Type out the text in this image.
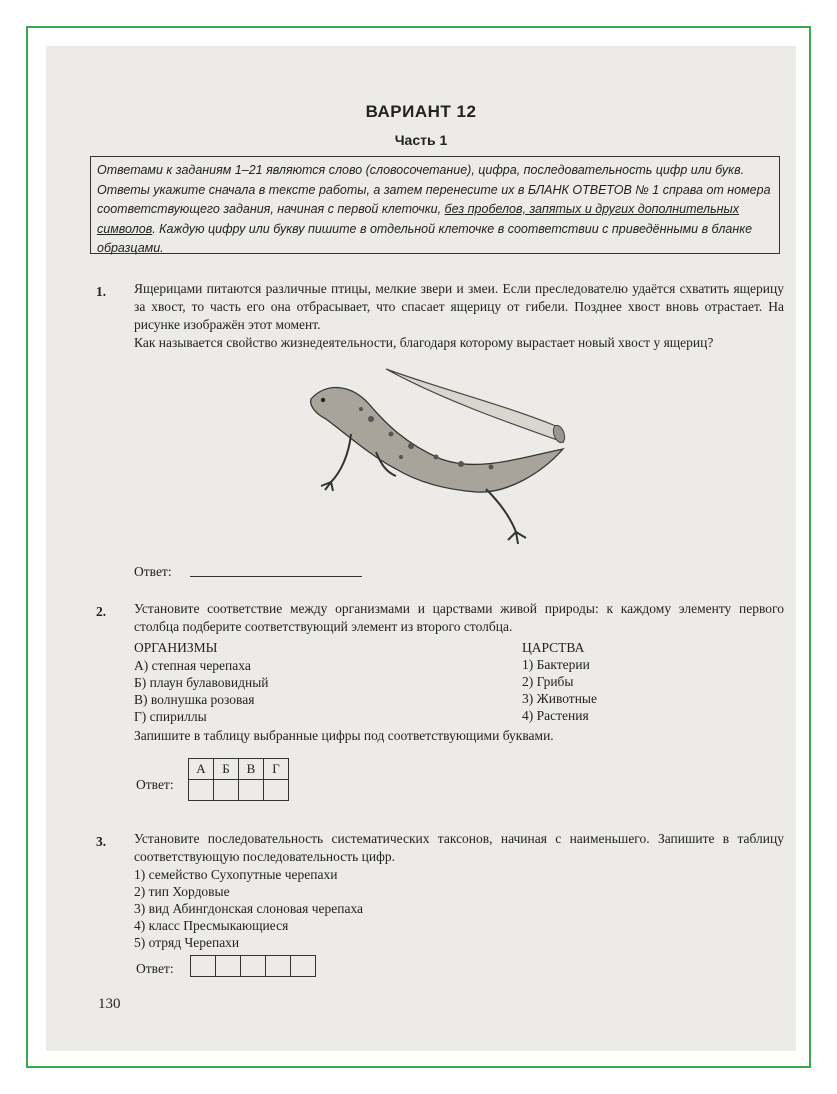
ВАРИАНТ 12
Часть 1
Ответами к заданиям 1–21 являются слово (словосочетание), цифра, последовательность цифр или букв. Ответы укажите сначала в тексте работы, а затем перенесите их в БЛАНК ОТВЕТОВ № 1 справа от номера соответствующего задания, начиная с первой клеточки, без пробелов, запятых и других дополнительных символов. Каждую цифру или букву пишите в отдельной клеточке в соответствии с приведёнными в бланке образцами.
1. Ящерицами питаются различные птицы, мелкие звери и змеи. Если преследователю удаётся схватить ящерицу за хвост, то часть его она отбрасывает, что спасает ящерицу от гибели. Позднее хвост вновь отрастает. На рисунке изображён этот момент.
Как называется свойство жизнедеятельности, благодаря которому вырастает новый хвост у ящериц?
Ответ:
2. Установите соответствие между организмами и царствами живой природы: к каждому элементу первого столбца подберите соответствующий элемент из второго столбца.
ОРГАНИЗМЫ
А) степная черепаха
Б) плаун булавовидный
В) волнушка розовая
Г) спириллы
ЦАРСТВА
1) Бактерии
2) Грибы
3) Животные
4) Растения
Запишите в таблицу выбранные цифры под соответствующими буквами.
Ответ:
А	Б	В	Г

3. Установите последовательность систематических таксонов, начиная с наименьшего. Запишите в таблицу соответствующую последовательность цифр.
1) семейство Сухопутные черепахи
2) тип Хордовые
3) вид Абингдонская слоновая черепаха
4) класс Пресмыкающиеся
5) отряд Черепахи
Ответ:

130
